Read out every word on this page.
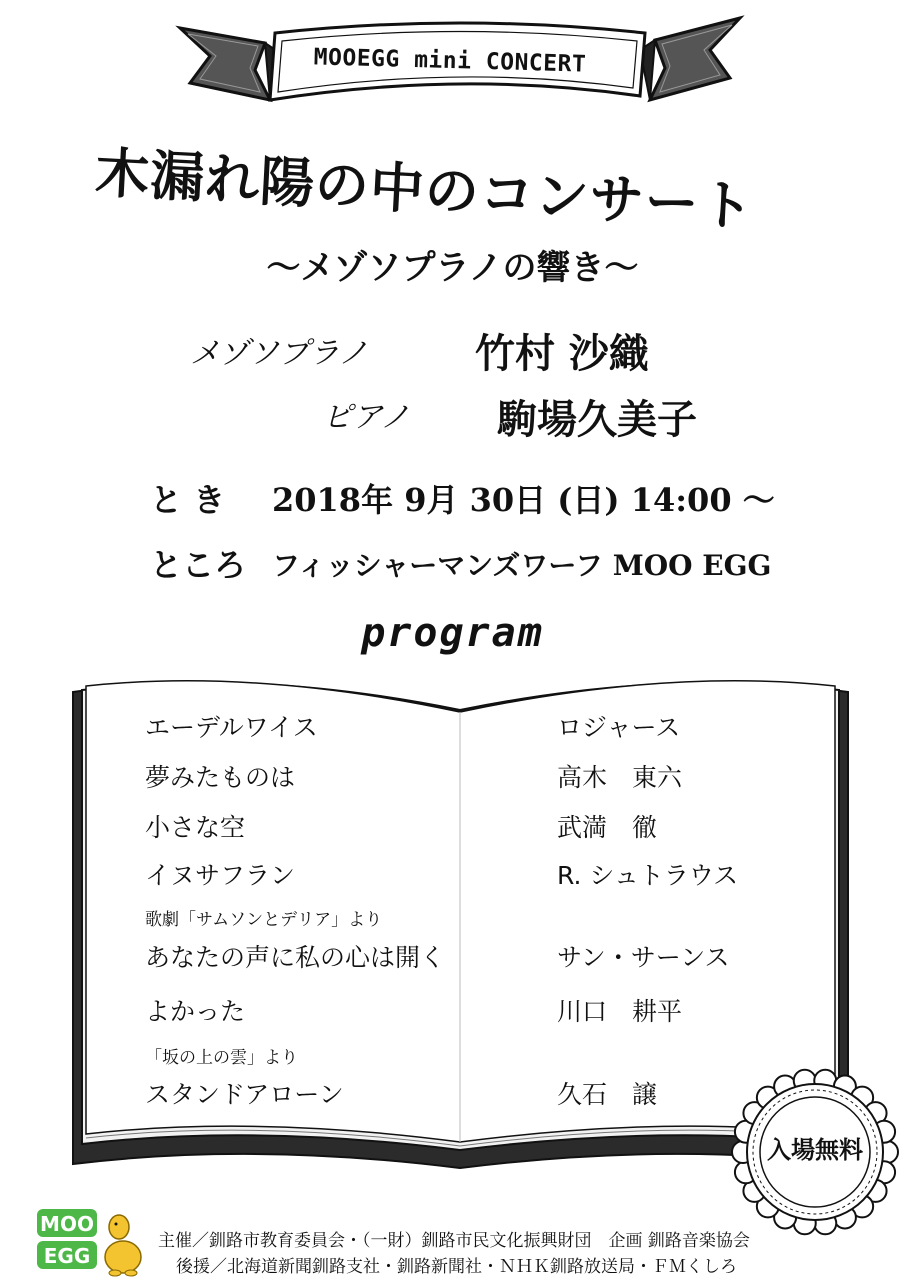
MOOEGG mini CONCERT
木漏れ陽の中のコンサート
〜メゾソプラノの響き〜
メゾソプラノ	竹村 沙織
ピアノ 駒場久美子
と き 2018年 9月 30日 (日) 14:00 〜
ところ フィッシャーマンズワーフ MOO EGG
program
エーデルワイス	ロジャース
夢みたものは	高木　東六
小さな空	武満　徹
イヌサフラン	R. シュトラウス
歌劇「サムソンとデリア」より
あなたの声に私の心は開く	サン・サーンス
よかった	川口　耕平
「坂の上の雲」より
スタンドアローン	久石　譲
入場無料
MOO
EGG
主催／釧路市教育委員会・（一財）釧路市民文化振興財団　企画 釧路音楽協会
後援／北海道新聞釧路支社・釧路新聞社・ＮＨＫ釧路放送局・ＦＭくしろ
